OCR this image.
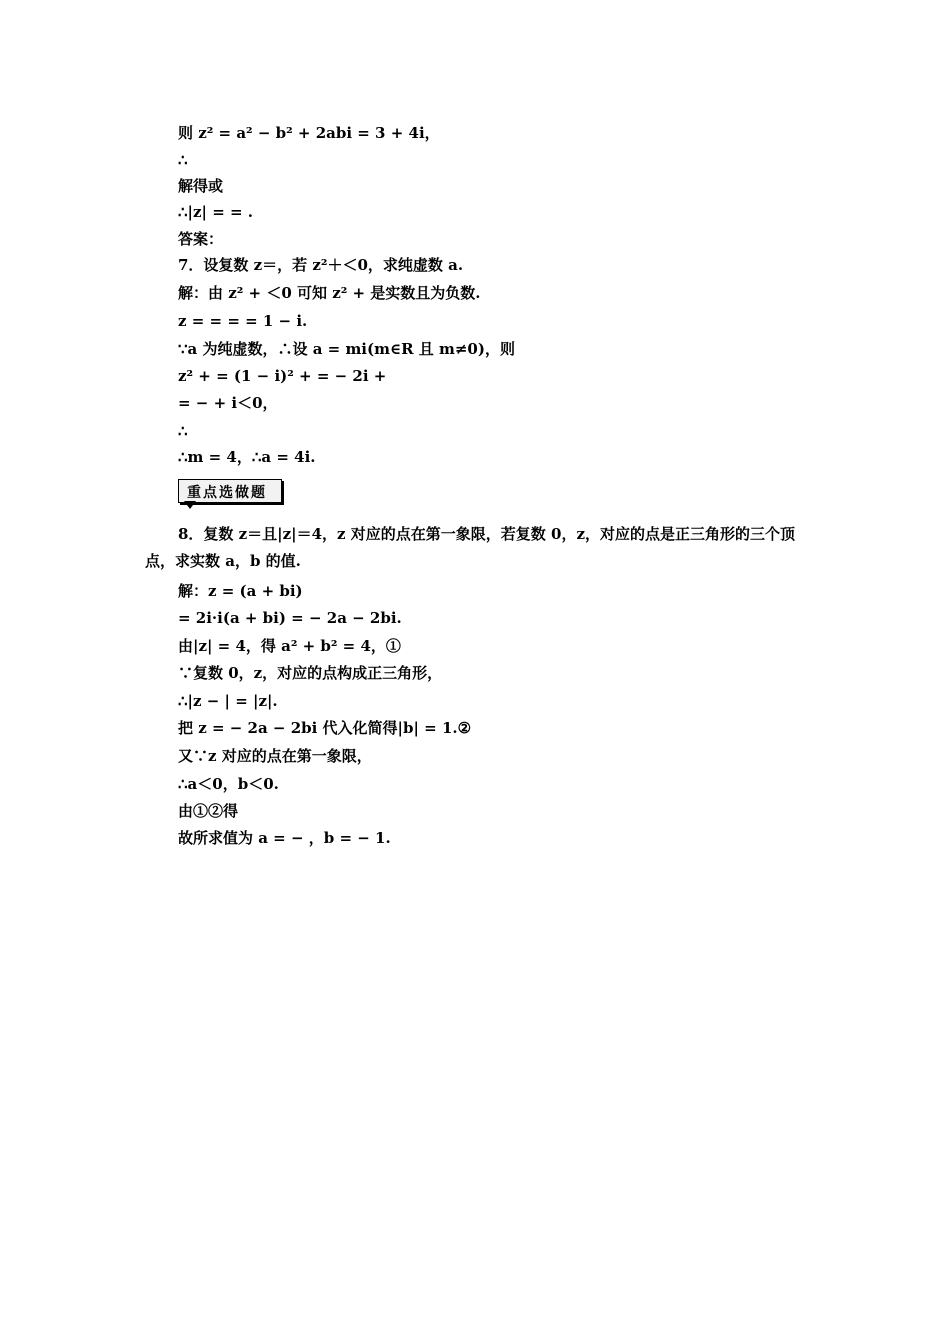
则 z² = a² − b² + 2abi = 3 + 4i，
∴
解得或
∴|z| = = .
答案：
7．设复数 z＝，若 z²＋＜0，求纯虚数 a.
解：由 z² + ＜0 可知 z² + 是实数且为负数.
z = = = = 1 − i.
∵a 为纯虚数，∴设 a = mi(m∈R 且 m≠0)，则
z² + = (1 − i)² + = − 2i +
= − + i＜0，
∴
∴m = 4，∴a = 4i.
重点选做题
8．复数 z＝且|z|＝4，z 对应的点在第一象限，若复数 0，z，对应的点是正三角形的三个顶点，求实数 a，b 的值.
解：z = (a + bi)
= 2i·i(a + bi) = − 2a − 2bi.
由|z| = 4，得 a² + b² = 4，①
∵复数 0，z，对应的点构成正三角形，
∴|z − | = |z|.
把 z = − 2a − 2bi 代入化简得|b| = 1.②
又∵z 对应的点在第一象限，
∴a＜0，b＜0.
由①②得
故所求值为 a = − ，b = − 1.
